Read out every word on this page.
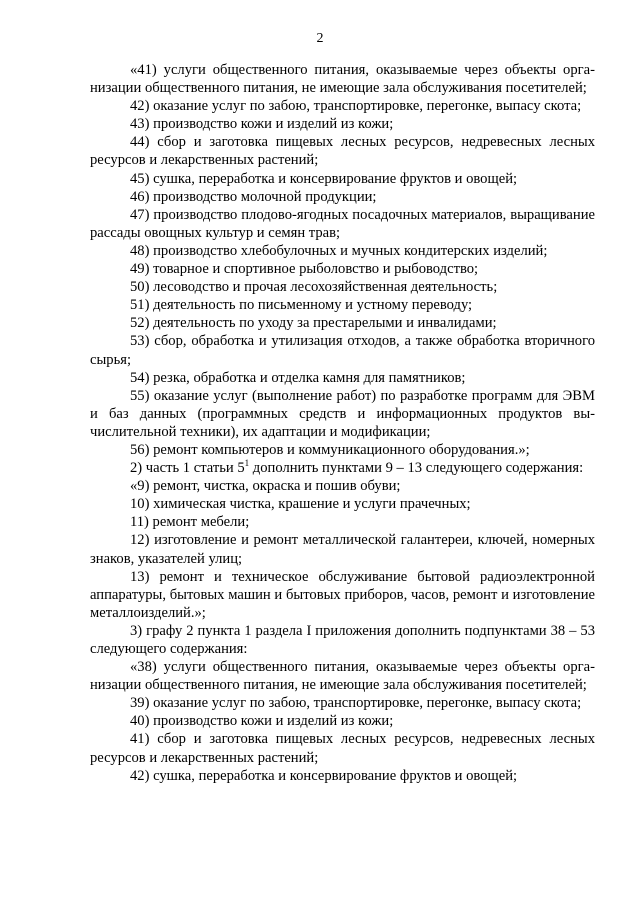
2

«41) услуги общественного питания, оказываемые через объекты организации общественного питания, не имеющие зала обслуживания посетителей;

42) оказание услуг по забою, транспортировке, перегонке, выпасу скота;

43) производство кожи и изделий из кожи;

44) сбор и заготовка пищевых лесных ресурсов, недревесных лесных ресурсов и лекарственных растений;

45) сушка, переработка и консервирование фруктов и овощей;

46) производство молочной продукции;

47) производство плодово-ягодных посадочных материалов, выращивание рассады овощных культур и семян трав;

48) производство хлебобулочных и мучных кондитерских изделий;

49) товарное и спортивное рыболовство и рыбоводство;

50) лесоводство и прочая лесохозяйственная деятельность;

51) деятельность по письменному и устному переводу;

52) деятельность по уходу за престарелыми и инвалидами;

53) сбор, обработка и утилизация отходов, а также обработка вторичного сырья;

54) резка, обработка и отделка камня для памятников;

55) оказание услуг (выполнение работ) по разработке программ для ЭВМ и баз данных (программных средств и информационных продуктов вычислительной техники), их адаптации и модификации;

56) ремонт компьютеров и коммуникационного оборудования.»;

2) часть 1 статьи $5^1$ дополнить пунктами 9 – 13 следующего содержания:

«9) ремонт, чистка, окраска и пошив обуви;

10) химическая чистка, крашение и услуги прачечных;

11) ремонт мебели;

12) изготовление и ремонт металлической галантереи, ключей, номерных знаков, указателей улиц;

13) ремонт и техническое обслуживание бытовой радиоэлектронной аппаратуры, бытовых машин и бытовых приборов, часов, ремонт и изготовление металлоизделий.»;

3) графу 2 пункта 1 раздела I приложения дополнить подпунктами 38 – 53 следующего содержания:

«38) услуги общественного питания, оказываемые через объекты организации общественного питания, не имеющие зала обслуживания посетителей;

39) оказание услуг по забою, транспортировке, перегонке, выпасу скота;

40) производство кожи и изделий из кожи;

41) сбор и заготовка пищевых лесных ресурсов, недревесных лесных ресурсов и лекарственных растений;

42) сушка, переработка и консервирование фруктов и овощей;
